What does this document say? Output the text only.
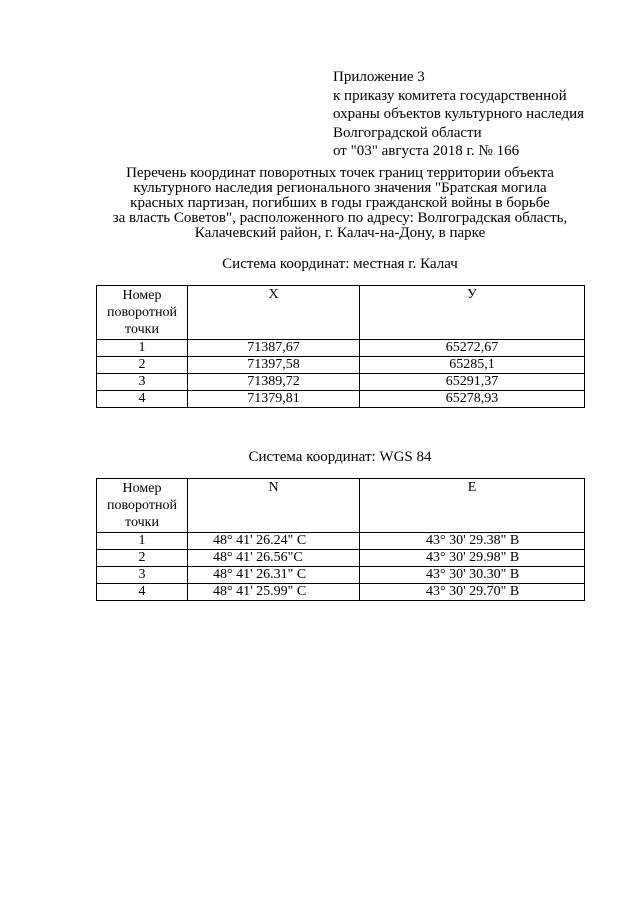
Приложение 3
к приказу комитета государственной
охраны объектов культурного наследия
Волгоградской области
от "03" августа 2018 г. № 166
Перечень координат поворотных точек границ территории объекта
культурного наследия регионального значения "Братская могила
красных партизан, погибших в годы гражданской войны в борьбе
за власть Советов", расположенного по адресу: Волгоградская область,
Калачевский район, г. Калач-на-Дону, в парке
Система координат: местная г. Калач
Номер
поворотной
точки	X	У
1	71387,67	65272,67
2	71397,58	65285,1
3	71389,72	65291,37
4	71379,81	65278,93
Система координат: WGS 84
Номер
поворотной
точки	N	E
1	48° 41' 26.24" С	43° 30' 29.38" В
2	48° 41' 26.56"С	43° 30' 29.98" В
3	48° 41' 26.31" С	43° 30' 30.30" В
4	48° 41' 25.99" С	43° 30' 29.70" В
